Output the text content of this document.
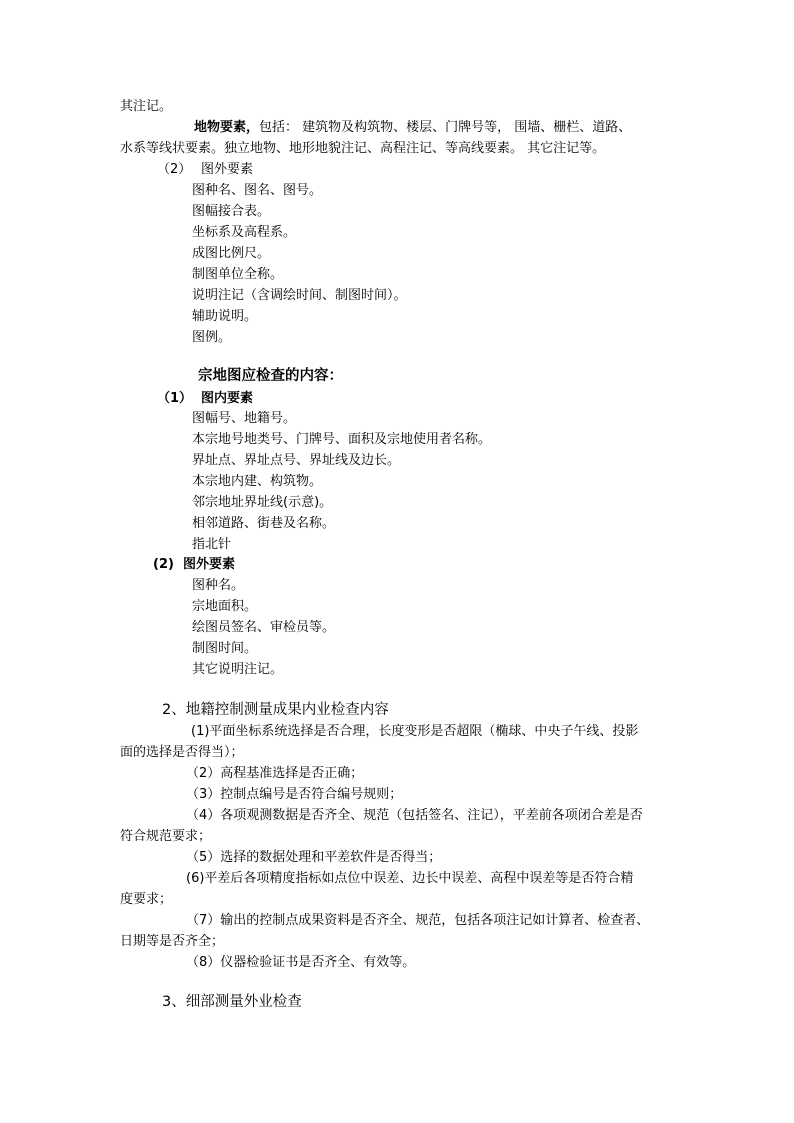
其注记。
地物要素，包括： 建筑物及构筑物、楼层、门牌号等， 围墙、栅栏、道路、
水系等线状要素。独立地物、地形地貌注记、高程注记、等高线要素。 其它注记等。
（2） 图外要素
图种名、图名、图号。
图幅接合表。
坐标系及高程系。
成图比例尺。
制图单位全称。
说明注记（含调绘时间、制图时间）。
辅助说明。
图例。
宗地图应检查的内容：
（1） 图内要素
图幅号、地籍号。
本宗地号地类号、门牌号、面积及宗地使用者名称。
界址点、界址点号、界址线及边长。
本宗地内建、构筑物。
邻宗地址界址线(示意)。
相邻道路、街巷及名称。
指北针
(2) 图外要素
图种名。
宗地面积。
绘图员签名、审检员等。
制图时间。
其它说明注记。
2、地籍控制测量成果内业检查内容
(1)平面坐标系统选择是否合理，长度变形是否超限（椭球、中央子午线、投影
面的选择是否得当）；
（2）高程基准选择是否正确；
（3）控制点编号是否符合编号规则；
（4）各项观测数据是否齐全、规范（包括签名、注记），平差前各项闭合差是否
符合规范要求；
（5）选择的数据处理和平差软件是否得当；
(6)平差后各项精度指标如点位中误差、边长中误差、高程中误差等是否符合精
度要求；
（7）输出的控制点成果资料是否齐全、规范，包括各项注记如计算者、检查者、
日期等是否齐全；
（8）仪器检验证书是否齐全、有效等。
3、细部测量外业检查
